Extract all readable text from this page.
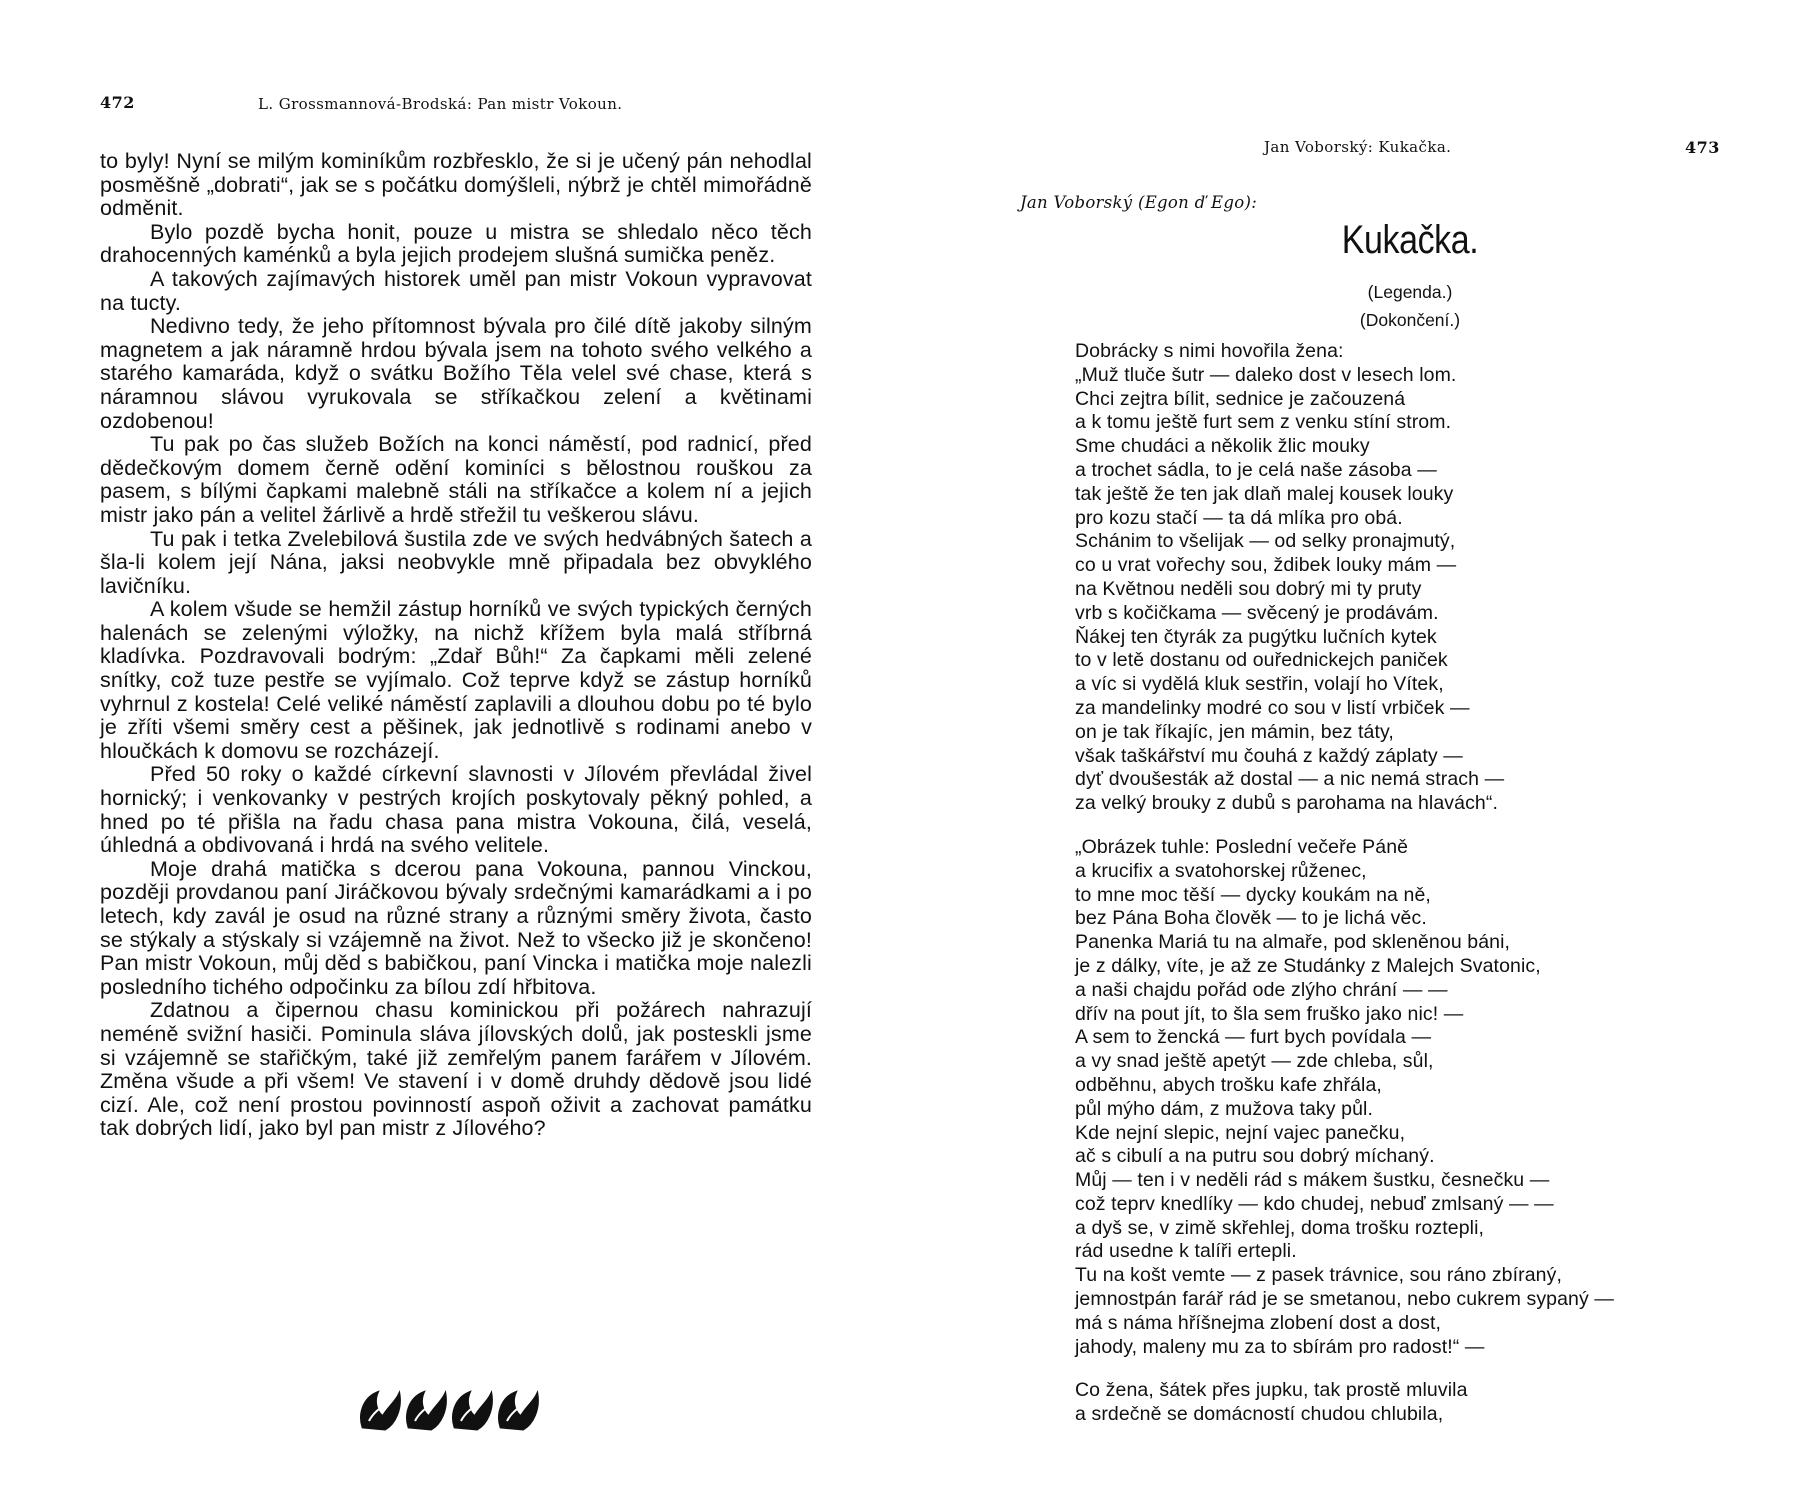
472	L. Grossmannová-Brodská: Pan mistr Vokoun.

to byly! Nyní se milým kominíkům rozbřesklo, že si je učený pán nehodlal posměšně „dobrati“, jak se s počátku domýšleli, nýbrž je chtěl mimořádně odměnit.

Bylo pozdě bycha honit, pouze u mistra se shledalo něco těch drahocenných kaménků a byla jejich prodejem slušná sumička peněz.

A takových zajímavých historek uměl pan mistr Vokoun vypravovat na tucty.

Nedivno tedy, že jeho přítomnost bývala pro čilé dítě jakoby silným magnetem a jak náramně hrdou bývala jsem na tohoto svého velkého a starého kamaráda, když o svátku Božího Těla velel své chase, která s náramnou slávou vyrukovala se stříkačkou zelení a květinami ozdobenou!

Tu pak po čas služeb Božích na konci náměstí, pod radnicí, před dědečkovým domem černě odění kominíci s bělostnou rouškou za pasem, s bílými čapkami malebně stáli na stříkačce a kolem ní a jejich mistr jako pán a velitel žárlivě a hrdě střežil tu veškerou slávu.

Tu pak i tetka Zvelebilová šustila zde ve svých hedvábných šatech a šla-li kolem její Nána, jaksi neobvykle mně připadala bez obvyklého lavičníku.

A kolem všude se hemžil zástup horníků ve svých typických černých halenách se zelenými výložky, na nichž křížem byla malá stříbrná kladívka. Pozdravovali bodrým: „Zdař Bůh!“ Za čapkami měli zelené snítky, což tuze pestře se vyjímalo. Což teprve když se zástup horníků vyhrnul z kostela! Celé veliké náměstí zaplavili a dlouhou dobu po té bylo je zříti všemi směry cest a pěšinek, jak jednotlivě s rodinami anebo v hloučkách k domovu se rozcházejí.

Před 50 roky o každé církevní slavnosti v Jílovém převládal živel hornický; i venkovanky v pestrých krojích poskytovaly pěkný pohled, a hned po té přišla na řadu chasa pana mistra Vokouna, čilá, veselá, úhledná a obdivovaná i hrdá na svého velitele.

Moje drahá matička s dcerou pana Vokouna, pannou Vinckou, později provdanou paní Jiráčkovou bývaly srdečnými kamarádkami a i po letech, kdy zavál je osud na různé strany a různými směry života, často se stýkaly a stýskaly si vzájemně na život. Než to všecko již je skončeno! Pan mistr Vokoun, můj děd s babičkou, paní Vincka i matička moje nalezli posledního tichého odpočinku za bílou zdí hřbitova.

Zdatnou a čipernou chasu kominickou při požárech nahrazují neméně svižní hasiči. Pominula sláva jílovských dolů, jak posteskli jsme si vzájemně se stařičkým, také již zemřelým panem farářem v Jílovém. Změna všude a při všem! Ve stavení i v domě druhdy dědově jsou lidé cizí. Ale, což není prostou povinností aspoň oživit a zachovat památku tak dobrých lidí, jako byl pan mistr z Jílového?

Jan Voborský: Kukačka.	473
Jan Voborský (Egon ď Ego):
Kukačka.
(Legenda.)
(Dokončení.)
Dobrácky s nimi hovořila žena:
„Muž tluče šutr — daleko dost v lesech lom.
Chci zejtra bílit, sednice je začouzená
a k tomu ještě furt sem z venku stíní strom.
Sme chudáci a několik žlic mouky
a trochet sádla, to je celá naše zásoba —
tak ještě že ten jak dlaň malej kousek louky
pro kozu stačí — ta dá mlíka pro obá.
Schánim to všelijak — od selky pronajmutý,
co u vrat vořechy sou, ždibek louky mám —
na Květnou neděli sou dobrý mi ty pruty
vrb s kočičkama — svěcený je prodávám.
Ňákej ten čtyrák za pugýtku lučních kytek
to v letě dostanu od ouřednickejch paniček
a víc si vydělá kluk sestřin, volají ho Vítek,
za mandelinky modré co sou v listí vrbiček —
on je tak říkajíc, jen mámin, bez táty,
však taškářství mu čouhá z každý záplaty —
dyť dvoušesták až dostal — a nic nemá strach —
za velký brouky z dubů s parohama na hlavách“.
„Obrázek tuhle: Poslední večeře Páně
a krucifix a svatohorskej růženec,
to mne moc těší — dycky koukám na ně,
bez Pána Boha člověk — to je lichá věc.
Panenka Mariá tu na almaře, pod skleněnou báni,
je z dálky, víte, je až ze Studánky z Malejch Svatonic,
a naši chajdu pořád ode zlýho chrání — —
dřív na pout jít, to šla sem fruško jako nic! —
A sem to žencká — furt bych povídala —
a vy snad ještě apetýt — zde chleba, sůl,
odběhnu, abych trošku kafe zhřála,
půl mýho dám, z mužova taky půl.
Kde nejní slepic, nejní vajec panečku,
ač s cibulí a na putru sou dobrý míchaný.
Můj — ten i v neděli rád s mákem šustku, česnečku —
což teprv knedlíky — kdo chudej, nebuď zmlsaný — —
a dyš se, v zimě skřehlej, doma trošku roztepli,
rád usedne k talíři ertepli.
Tu na košt vemte — z pasek trávnice, sou ráno zbíraný,
jemnostpán farář rád je se smetanou, nebo cukrem sypaný —
má s náma hříšnejma zlobení dost a dost,
jahody, maleny mu za to sbírám pro radost!“ —
Co žena, šátek přes jupku, tak prostě mluvila
a srdečně se domácností chudou chlubila,
